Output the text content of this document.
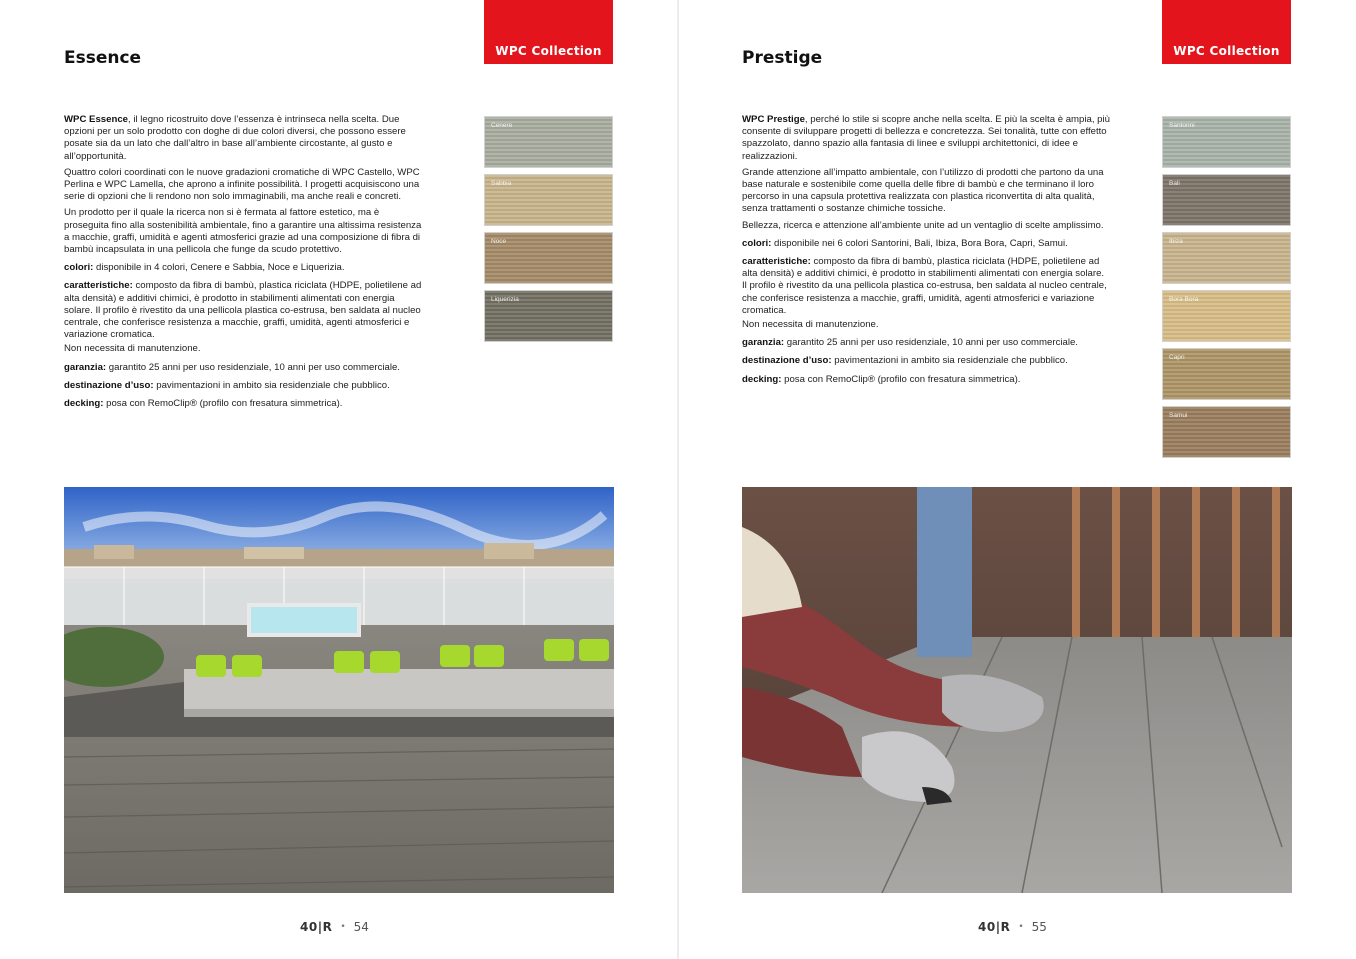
WPC Collection
Essence

WPC Essence, il legno ricostruito dove l’essenza è intrinseca nella scelta. Due opzioni per un solo prodotto con doghe di due colori diversi, che possono essere posate sia da un lato che dall’altro in base all’ambiente circostante, al gusto e all’opportunità.

Quattro colori coordinati con le nuove gradazioni cromatiche di WPC Castello, WPC Perlina e WPC Lamella, che aprono a infinite possibilità. I progetti acquisiscono una serie di opzioni che li rendono non solo immaginabili, ma anche reali e concreti.

Un prodotto per il quale la ricerca non si è fermata al fattore estetico, ma è proseguita fino alla sostenibilità ambientale, fino a garantire una altissima resistenza a macchie, graffi, umidità e agenti atmosferici grazie ad una composizione di fibra di bambù incapsulata in una pellicola che funge da scudo protettivo.

colori: disponibile in 4 colori, Cenere e Sabbia, Noce e Liquerizia.

caratteristiche: composto da fibra di bambù, plastica riciclata (HDPE, polietilene ad alta densità) e additivi chimici, è prodotto in stabilimenti alimentati con energia solare. Il profilo è rivestito da una pellicola plastica co-estrusa, ben saldata al nucleo centrale, che conferisce resistenza a macchie, graffi, umidità, agenti atmosferici e variazione cromatica.

Non necessita di manutenzione.

garanzia: garantito 25 anni per uso residenziale, 10 anni per uso commerciale.

destinazione d’uso: pavimentazioni in ambito sia residenziale che pubblico.

decking: posa con RemoClip® (profilo con fresatura simmetrica).

Cenere
Sabbia
Noce
Liquerizia
40|R • 54
WPC Collection
Prestige

WPC Prestige, perché lo stile si scopre anche nella scelta. E più la scelta è ampia, più consente di sviluppare progetti di bellezza e concretezza. Sei tonalità, tutte con effetto spazzolato, danno spazio alla fantasia di linee e sviluppi architettonici, di idee e realizzazioni.

Grande attenzione all’impatto ambientale, con l’utilizzo di prodotti che partono da una base naturale e sostenibile come quella delle fibre di bambù e che terminano il loro percorso in una capsula protettiva realizzata con plastica riconvertita di alta qualità, senza trattamenti o sostanze chimiche tossiche.

Bellezza, ricerca e attenzione all’ambiente unite ad un ventaglio di scelte amplissimo.

colori: disponibile nei 6 colori Santorini, Bali, Ibiza, Bora Bora, Capri, Samui.

caratteristiche: composto da fibra di bambù, plastica riciclata (HDPE, polietilene ad alta densità) e additivi chimici, è prodotto in stabilimenti alimentati con energia solare. Il profilo è rivestito da una pellicola plastica co-estrusa, ben saldata al nucleo centrale, che conferisce resistenza a macchie, graffi, umidità, agenti atmosferici e variazione cromatica.

Non necessita di manutenzione.

garanzia: garantito 25 anni per uso residenziale, 10 anni per uso commerciale.

destinazione d’uso: pavimentazioni in ambito sia residenziale che pubblico.

decking: posa con RemoClip® (profilo con fresatura simmetrica).

Santorini
Bali
Ibiza
Bora Bora
Capri
Samui
40|R • 55
